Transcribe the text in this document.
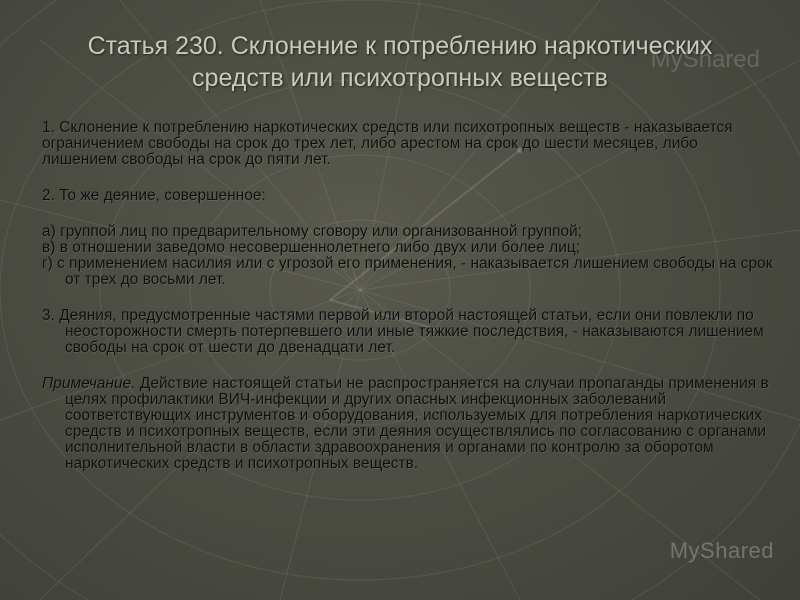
Статья 230. Склонение к потреблению наркотических средств или психотропных веществ
MyShared

1. Склонение к потреблению наркотических средств или психотропных веществ - наказывается ограничением свободы на срок до трех лет, либо арестом на срок до шести месяцев, либо лишением свободы на срок до пяти лет.

2. То же деяние, совершенное:

а) группой лиц по предварительному сговору или организованной группой;

в) в отношении заведомо несовершеннолетнего либо двух или более лиц;

г) с применением насилия или с угрозой его применения, - наказывается лишением свободы на срок от трех до восьми лет.

3. Деяния, предусмотренные частями первой или второй настоящей статьи, если они повлекли по неосторожности смерть потерпевшего или иные тяжкие последствия, - наказываются лишением свободы на срок от шести до двенадцати лет.

Примечание. Действие настоящей статьи не распространяется на случаи пропаганды применения в целях профилактики ВИЧ-инфекции и других опасных инфекционных заболеваний соответствующих инструментов и оборудования, используемых для потребления наркотических средств и психотропных веществ, если эти деяния осуществлялись по согласованию с органами исполнительной власти в области здравоохранения и органами по контролю за оборотом наркотических средств и психотропных веществ.

MyShared
